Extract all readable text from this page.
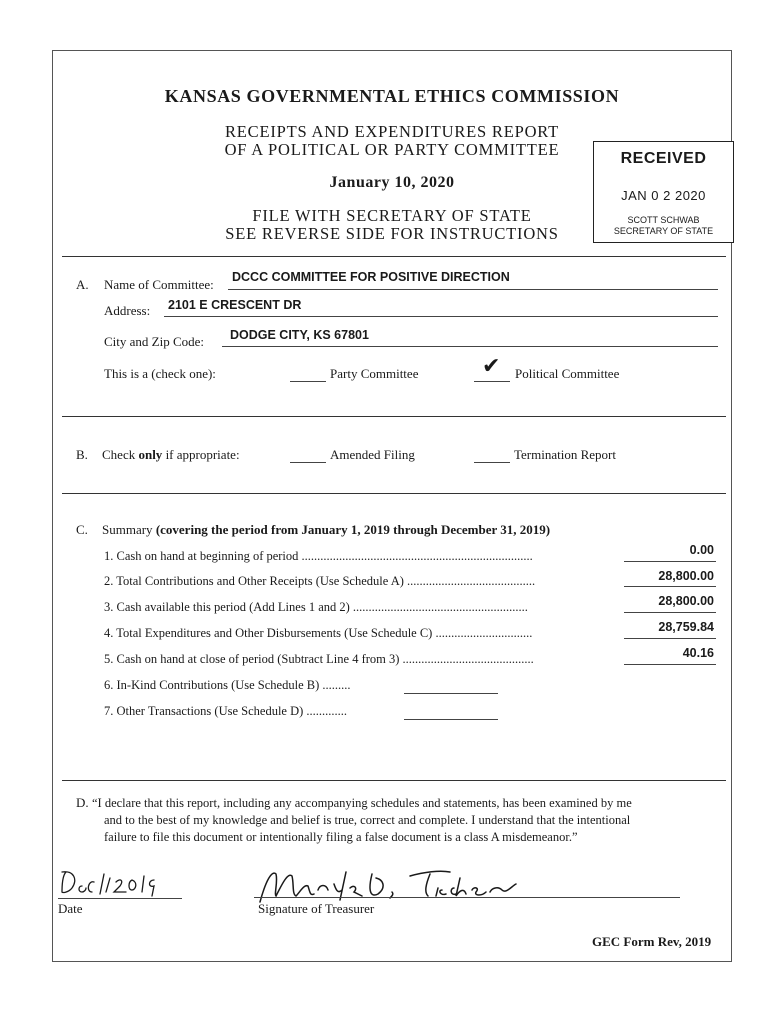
KANSAS GOVERNMENTAL ETHICS COMMISSION
RECEIPTS AND EXPENDITURES REPORT
OF A POLITICAL OR PARTY COMMITTEE
January 10, 2020
FILE WITH SECRETARY OF STATE
SEE REVERSE SIDE FOR INSTRUCTIONS
RECEIVED
JAN 0 2 2020
SCOTT SCHWAB
SECRETARY OF STATE
A. Name of Committee: DCCC COMMITTEE FOR POSITIVE DIRECTION
Address: 2101 E CRESCENT DR
City and Zip Code: DODGE CITY, KS 67801
This is a (check one):	Party Committee	✔ Political Committee
B. Check only if appropriate:	Amended Filing	Termination Report
C. Summary (covering the period from January 1, 2019 through December 31, 2019)
1. Cash on hand at beginning of period ..........................................................................	0.00
2. Total Contributions and Other Receipts (Use Schedule A) .........................................	28,800.00
3. Cash available this period (Add Lines 1 and 2) ........................................................	28,800.00
4. Total Expenditures and Other Disbursements (Use Schedule C) ...............................	28,759.84
5. Cash on hand at close of period (Subtract Line 4 from 3) ..........................................	40.16
6. In-Kind Contributions (Use Schedule B) .........
7. Other Transactions (Use Schedule D) .............
D. “I declare that this report, including any accompanying schedules and statements, has been examined by me
and to the best of my knowledge and belief is true, correct and complete. I understand that the intentional
failure to file this document or intentionally filing a false document is a class A misdemeanor.”
Date	Signature of Treasurer
GEC Form Rev, 2019
